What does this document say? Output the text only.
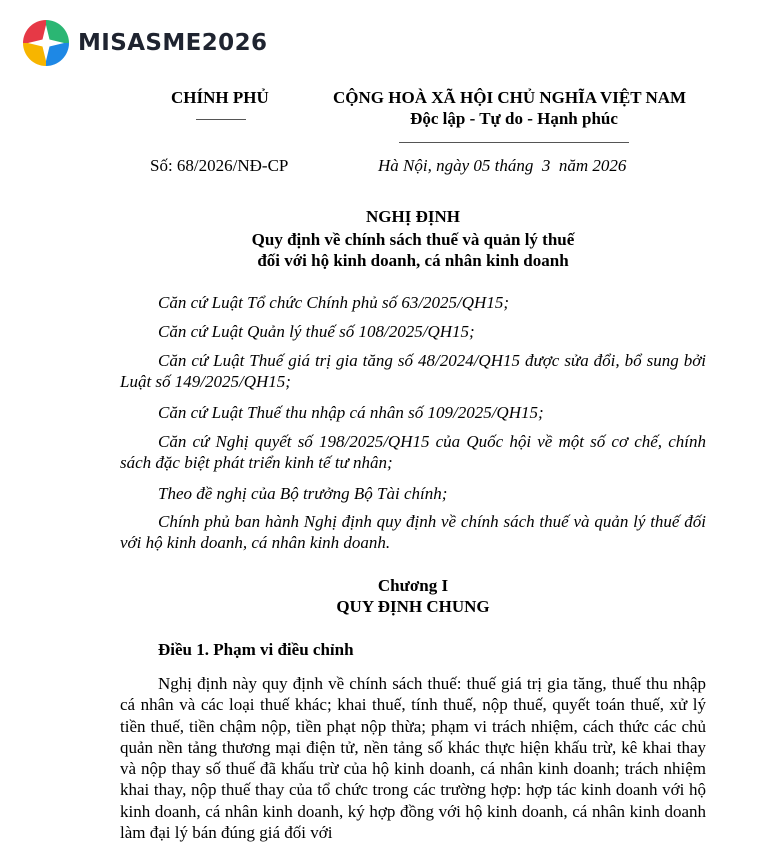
MISASME2026
CHÍNH PHỦ	CỘNG HOÀ XÃ HỘI CHỦ NGHĨA VIỆT NAM
Độc lập - Tự do - Hạnh phúc
Số: 68/2026/NĐ-CP	Hà Nội, ngày 05 tháng  3  năm 2026
NGHỊ ĐỊNH
Quy định về chính sách thuế và quản lý thuế
đối với hộ kinh doanh, cá nhân kinh doanh

Căn cứ Luật Tổ chức Chính phủ số 63/2025/QH15;

Căn cứ Luật Quản lý thuế số 108/2025/QH15;

Căn cứ Luật Thuế giá trị gia tăng số 48/2024/QH15 được sửa đổi, bổ sung bởi Luật số 149/2025/QH15;

Căn cứ Luật Thuế thu nhập cá nhân số 109/2025/QH15;

Căn cứ Nghị quyết số 198/2025/QH15 của Quốc hội về một số cơ chế, chính sách đặc biệt phát triển kinh tế tư nhân;

Theo đề nghị của Bộ trưởng Bộ Tài chính;

Chính phủ ban hành Nghị định quy định về chính sách thuế và quản lý thuế đối với hộ kinh doanh, cá nhân kinh doanh.

Chương I
QUY ĐỊNH CHUNG
Điều 1. Phạm vi điều chỉnh

Nghị định này quy định về chính sách thuế: thuế giá trị gia tăng, thuế thu nhập cá nhân và các loại thuế khác; khai thuế, tính thuế, nộp thuế, quyết toán thuế, xử lý tiền thuế, tiền chậm nộp, tiền phạt nộp thừa; phạm vi trách nhiệm, cách thức các chủ quản nền tảng thương mại điện tử, nền tảng số khác thực hiện khấu trừ, kê khai thay và nộp thay số thuế đã khấu trừ của hộ kinh doanh, cá nhân kinh doanh; trách nhiệm khai thay, nộp thuế thay của tổ chức trong các trường hợp: hợp tác kinh doanh với hộ kinh doanh, cá nhân kinh doanh, ký hợp đồng với hộ kinh doanh, cá nhân kinh doanh làm đại lý bán đúng giá đối với
